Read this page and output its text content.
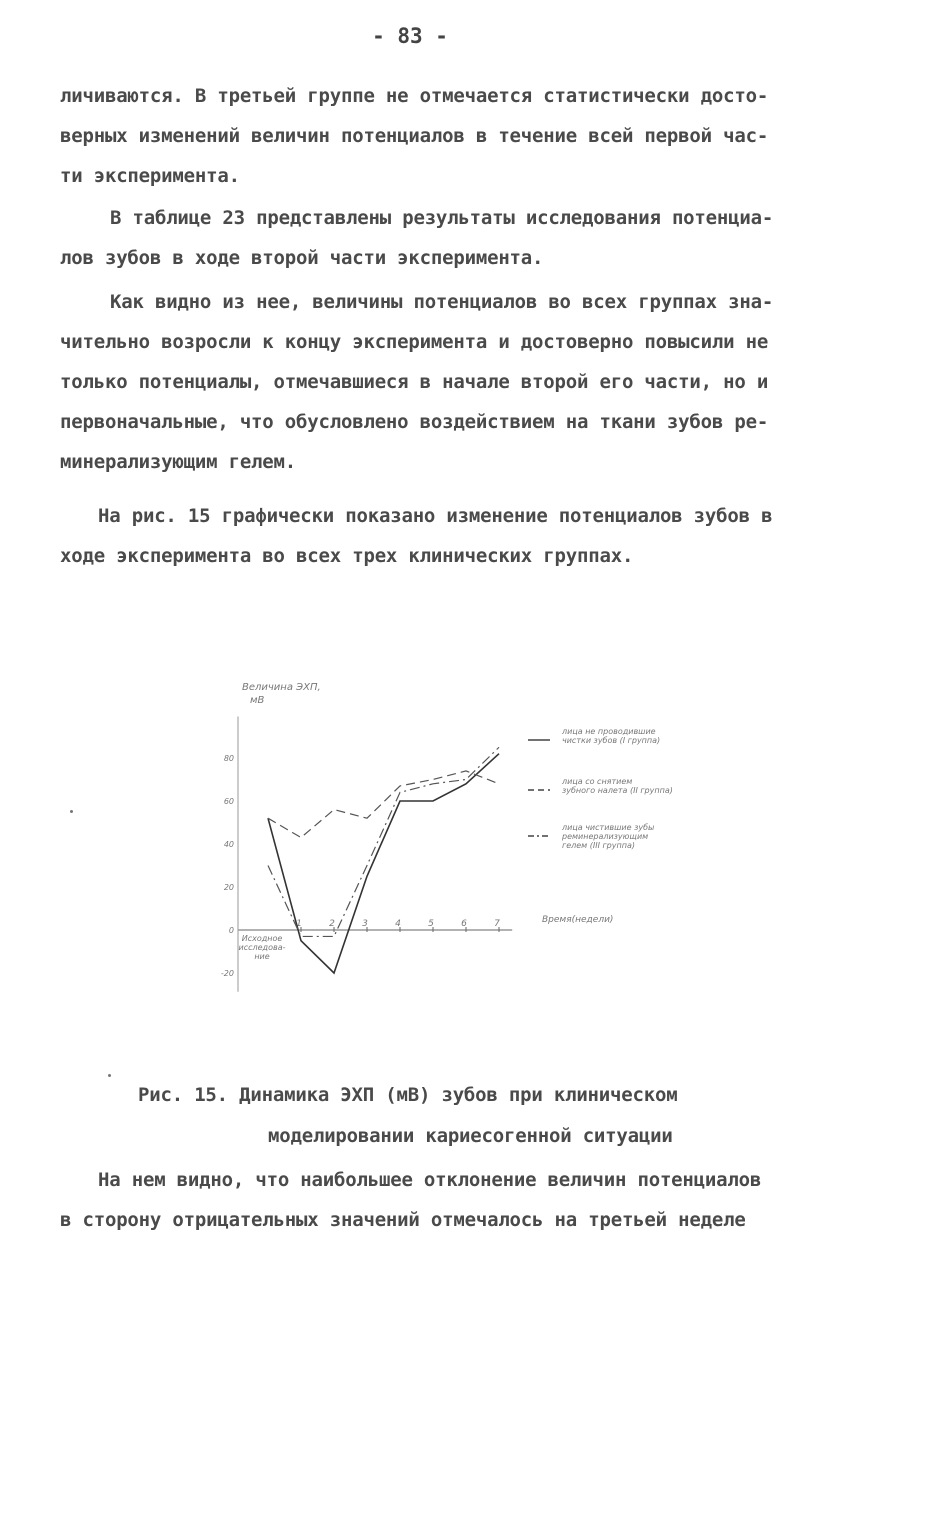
- 83 -
личиваются. В третьей группе не отмечается статистически досто-
верных изменений величин потенциалов в течение всей первой час-
ти эксперимента.
В таблице 23 представлены результаты исследования потенциа-
лов зубов в ходе второй части эксперимента.
Как видно из нее, величины потенциалов во всех группах зна-
чительно возросли к концу эксперимента и достоверно повысили не
только потенциалы, отмечавшиеся в начале второй его части, но и
первоначальные, что обусловлено воздействием на ткани зубов ре-
минерализующим гелем.
На рис. 15 графически показано изменение потенциалов зубов в
ходе эксперимента во всех трех клинических группах.
-20
0
20
40
60
80
1	2	3	4	5	6	7
Величина ЭХП,
мВ
Время(недели)
Исходное
исследова-
ние
лица не проводившие
чистки зубов (I группа)
лица со снятием
зубного налета (II группа)
лица чистившие зубы
реминерализующим
гелем (III группа)
Рис. 15. Динамика ЭХП (мВ) зубов при клиническом
моделировании кариесогенной ситуации
На нем видно, что наибольшее отклонение величин потенциалов
в сторону отрицательных значений отмечалось на третьей неделе
